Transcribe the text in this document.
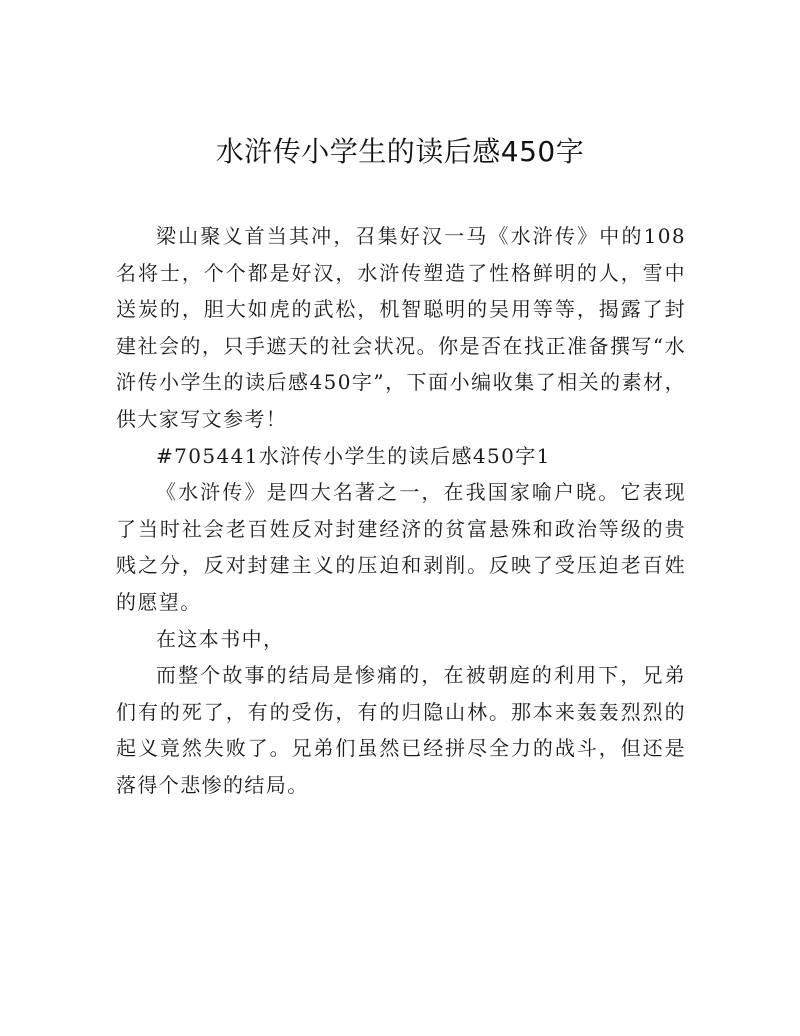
水浒传小学生的读后感450字

梁山聚义首当其冲，召集好汉一马《水浒传》中的108名将士，个个都是好汉，水浒传塑造了性格鲜明的人，雪中送炭的，胆大如虎的武松，机智聪明的吴用等等，揭露了封建社会的，只手遮天的社会状况。你是否在找正准备撰写“水浒传小学生的读后感450字”，下面小编收集了相关的素材，供大家写文参考！

#705441水浒传小学生的读后感450字1

《水浒传》是四大名著之一，在我国家喻户晓。它表现了当时社会老百姓反对封建经济的贫富悬殊和政治等级的贵贱之分，反对封建主义的压迫和剥削。反映了受压迫老百姓的愿望。

在这本书中，

而整个故事的结局是惨痛的，在被朝庭的利用下，兄弟们有的死了，有的受伤，有的归隐山林。那本来轰轰烈烈的起义竟然失败了。兄弟们虽然已经拼尽全力的战斗，但还是落得个悲惨的结局。
